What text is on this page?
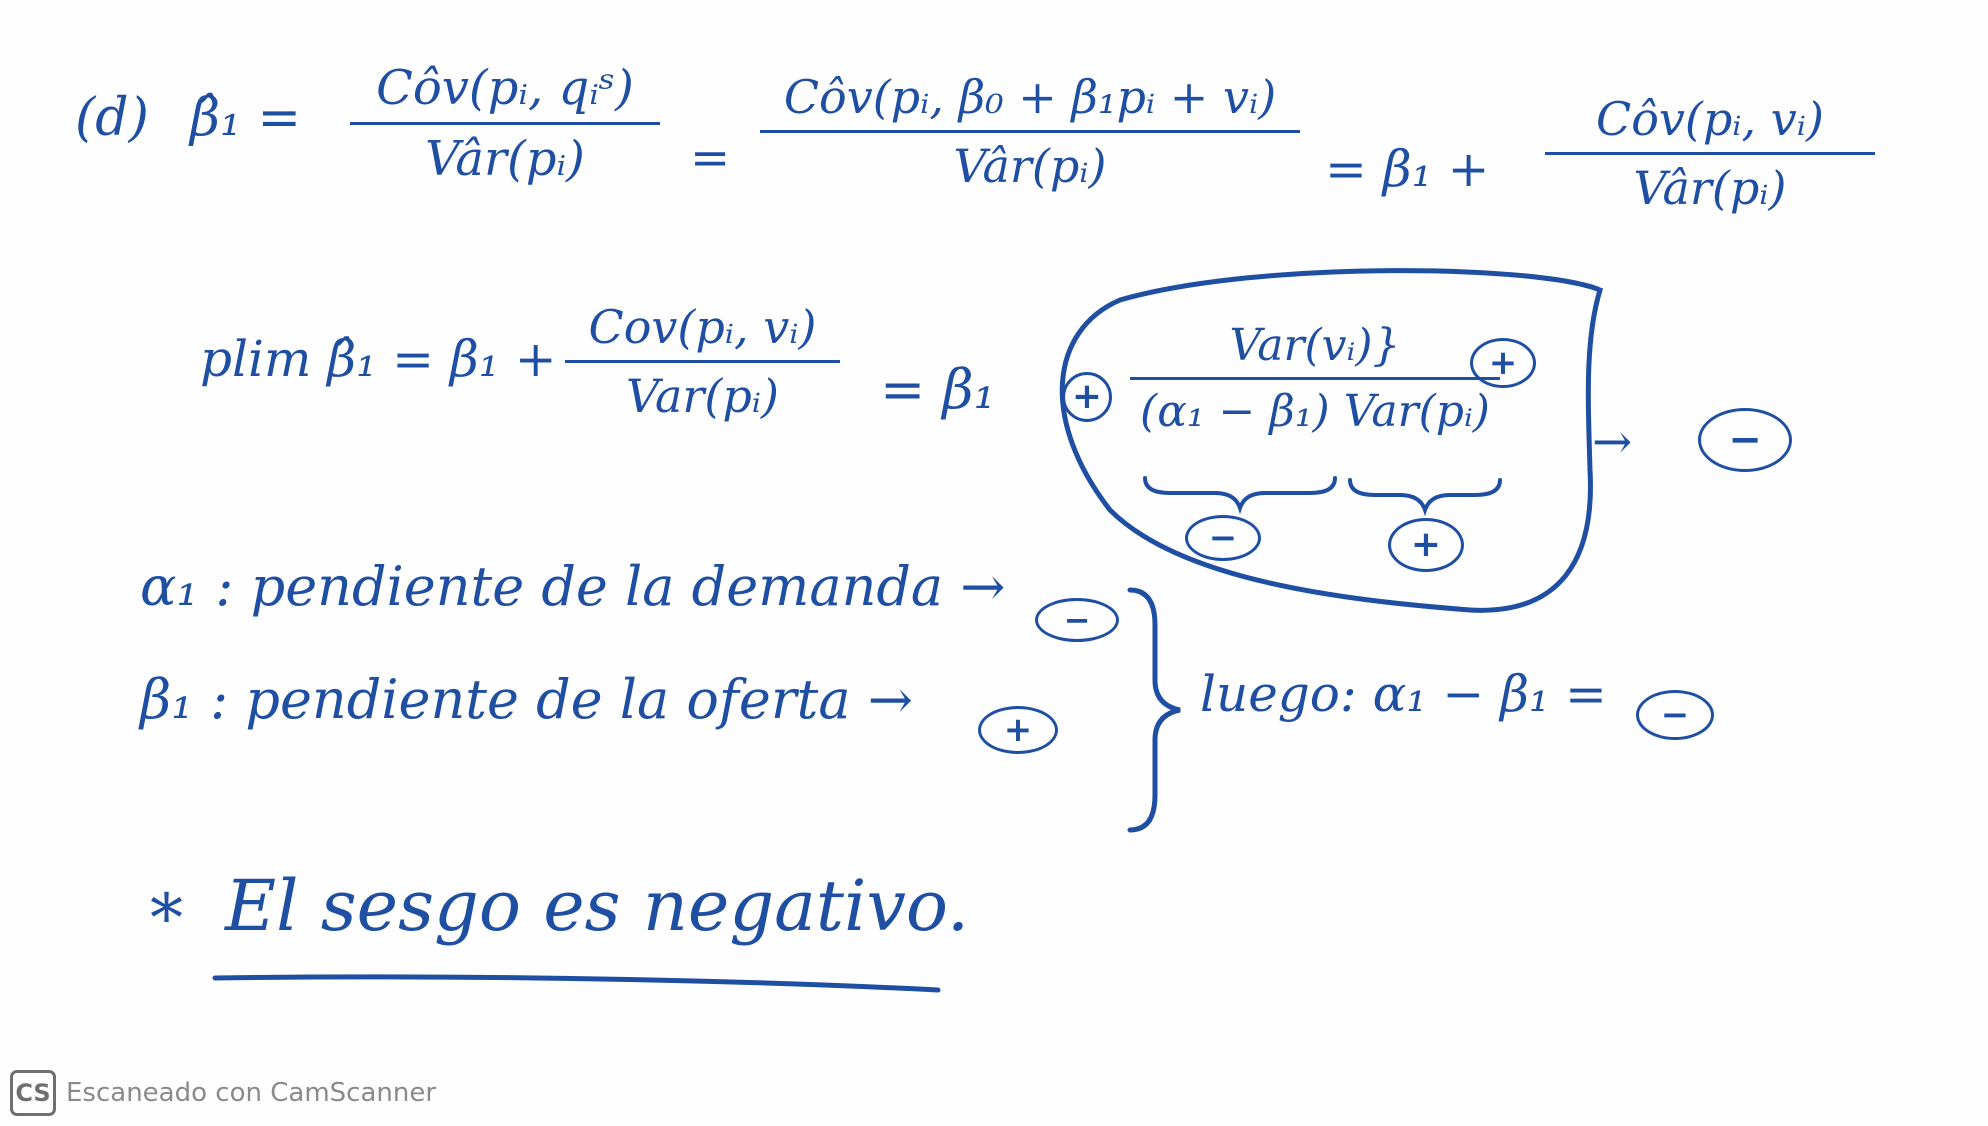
(d) β̂₁ =	Côv(pᵢ, qᵢˢ)
Vâr(pᵢ)	=
Côv(pᵢ, β₀ + β₁pᵢ + vᵢ)
Vâr(pᵢ)	= β₁ +
Côv(pᵢ, vᵢ)
Vâr(pᵢ)
plim β̂₁ = β₁ +
Cov(pᵢ, vᵢ)
Var(pᵢ)	= β₁ +
Var(vᵢ)}
(α₁ − β₁) Var(pᵢ)
+
−	+
→	−
α₁ : pendiente de la demanda →
−
β₁ : pendiente de la oferta →	+
luego: α₁ − β₁ =	−
* El sesgo es negativo.
CS Escaneado con CamScanner
